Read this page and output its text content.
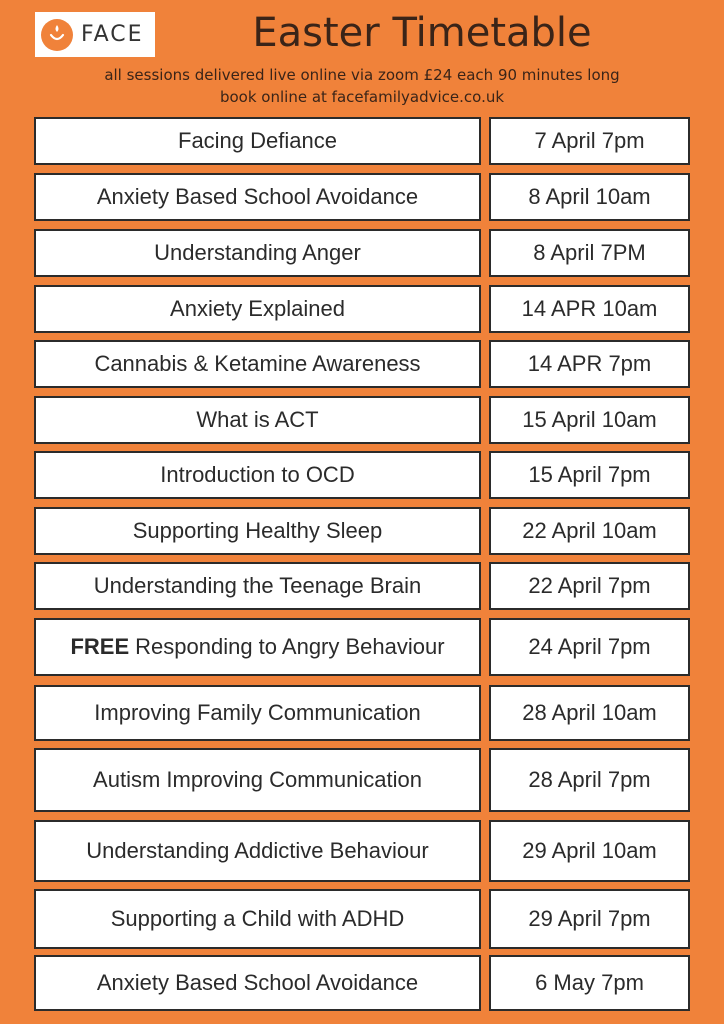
FACE	Easter Timetable
all sessions delivered live online via zoom £24 each 90 minutes long
book online at facefamilyadvice.co.uk
Facing Defiance	7 April 7pm
Anxiety Based School Avoidance	8 April 10am
Understanding Anger	8 April 7PM
Anxiety Explained	14 APR 10am
Cannabis & Ketamine Awareness	14 APR 7pm
What is ACT	15 April 10am
Introduction to OCD	15 April 7pm
Supporting Healthy Sleep	22 April 10am
Understanding the Teenage Brain	22 April 7pm
FREE Responding to Angry Behaviour	24 April 7pm
Improving Family Communication	28 April 10am
Autism Improving Communication	28 April 7pm
Understanding Addictive Behaviour	29 April 10am
Supporting a Child with ADHD	29 April 7pm
Anxiety Based School Avoidance	6 May 7pm
